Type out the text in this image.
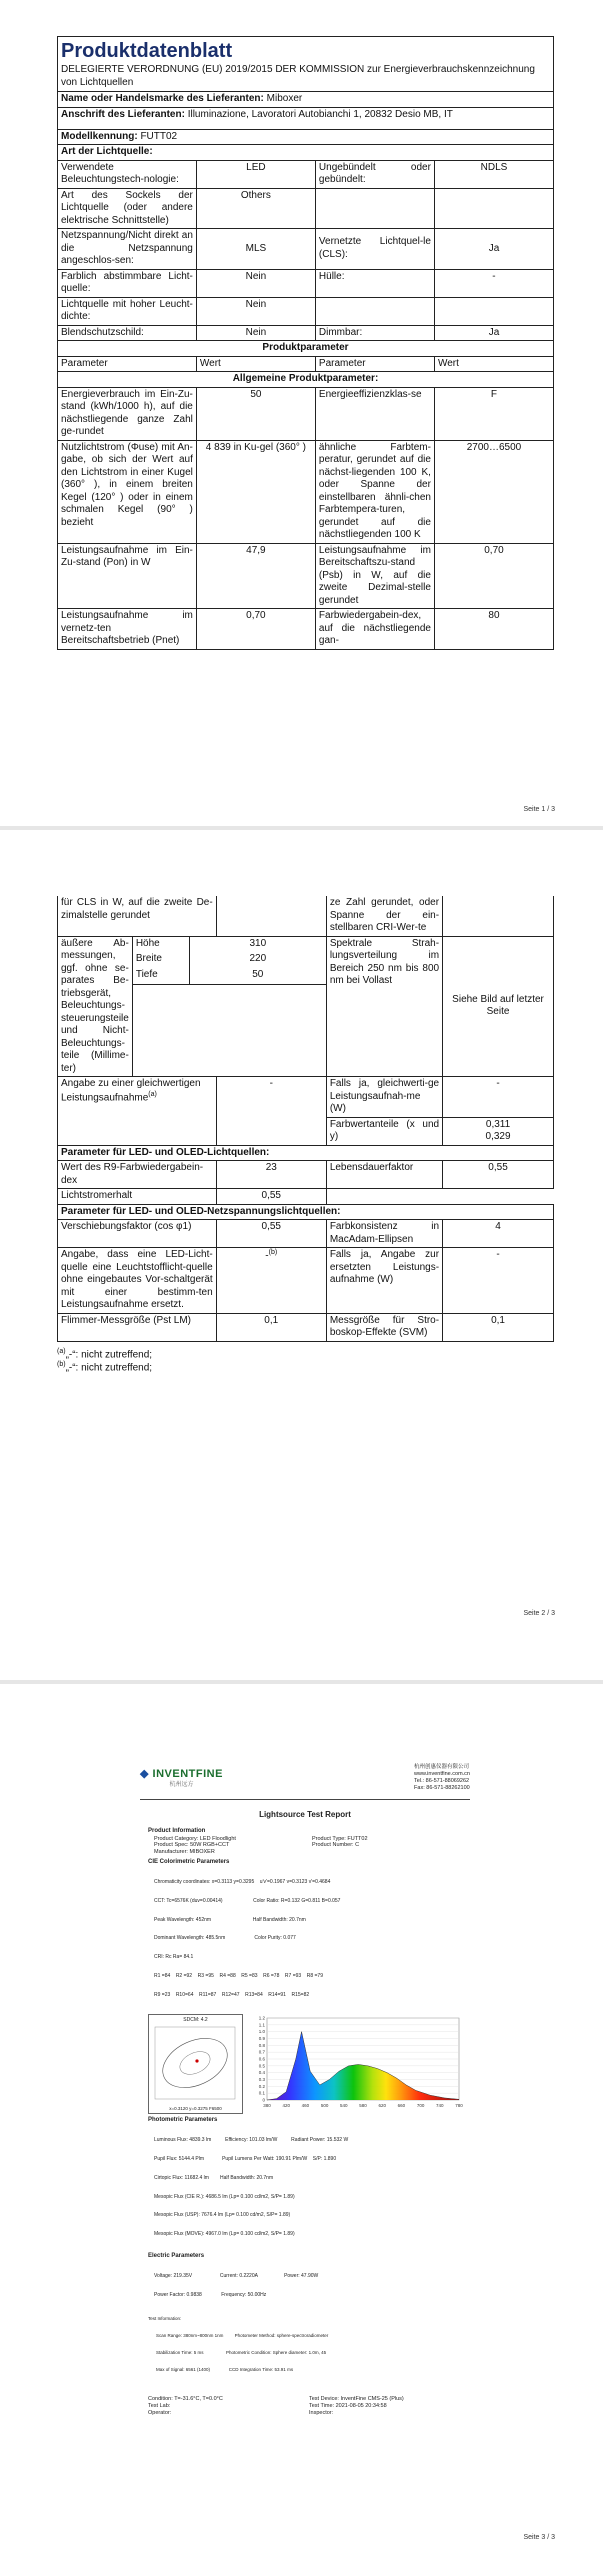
Produktdatenblatt
DELEGIERTE VERORDNUNG (EU) 2019/2015 DER KOMMISSION zur Energieverbrauchskennzeichnung von Lichtquellen
Name oder Handelsmarke des Lieferanten: Miboxer			
Anschrift des Lieferanten: Illuminazione, Lavoratori Autobianchi 1, 20832 Desio MB, IT			
Modellkennung: FUTT02			
Art der Lichtquelle:			
Verwendete Beleuchtungstech-nologie:	LED	Ungebündelt oder gebündelt:	NDLS
Art des Sockels der Lichtquelle (oder andere elektrische Schnittstelle)	Others		
Netzspannung/Nicht direkt an die Netzspannung angeschlos-sen:	MLS	Vernetzte Lichtquel-le (CLS):	Ja
Farblich abstimmbare Licht-quelle:	Nein	Hülle:	-
Lichtquelle mit hoher Leucht-dichte:	Nein		
Blendschutzschild:	Nein	Dimmbar:	Ja
Produktparameter			
Parameter	Wert	Parameter	Wert
Allgemeine Produktparameter:			
Energieverbrauch im Ein-Zu-stand (kWh/1000 h), auf die nächstliegende ganze Zahl ge-rundet	50	Energieeffizienzklas-se	F
Nutzlichtstrom (Φuse) mit An-gabe, ob sich der Wert auf den Lichtstrom in einer Kugel (360° ), in einem breiten Kegel (120° ) oder in einem schmalen Kegel (90° ) bezieht	4 839 in Ku-gel (360° )	ähnliche Farbtem-peratur, gerundet auf die nächst-liegenden 100 K, oder Spanne der einstellbaren ähnli-chen Farbtempera-turen, gerundet auf die nächstliegenden 100 K	2700…6500
Leistungsaufnahme im Ein-Zu-stand (Pon) in W	47,9	Leistungsaufnahme im Bereitschaftszu-stand (Psb) in W, auf die zweite Dezimal-stelle gerundet	0,70
Leistungsaufnahme im vernetz-ten Bereitschaftsbetrieb (Pnet)	0,70	Farbwiedergabein-dex, auf die nächstliegende gan-	80
Seite 1 / 3
für CLS in W, auf die zweite De-zimalstelle gerundet				ze Zahl gerundet, oder Spanne der ein-stellbaren CRI-Wer-te	
äußere Ab-messungen, ggf. ohne se-parates Be-triebsgerät, Beleuchtungs-steuerungsteile und Nicht-Beleuchtungs-teile (Millime-ter)	Höhe	310		Spektrale Strah-lungsverteilung im Bereich 250 nm bis 800 nm bei Vollast	Siehe Bild auf letzter Seite
	Breite	220			
	Tiefe	50			

Angabe zu einer gleichwertigen Leistungsaufnahme$^{(a)}$			-	Falls ja, gleichwerti-ge Leistungsaufnah-me (W)	-
				Farbwertanteile (x und y)	0,311
0,329

Parameter für LED- und OLED-Lichtquellen:					
Wert des R9-Farbwiedergabein-dex			23	Lebensdauerfaktor	0,55
Lichtstromerhalt			0,55		
Parameter für LED- und OLED-Netzspannungslichtquellen:					
Verschiebungsfaktor (cos φ1)			0,55	Farbkonsistenz in MacAdam-Ellipsen	4
Angabe, dass eine LED-Licht-quelle eine Leuchtstofflicht-quelle ohne eingebautes Vor-schaltgerät mit einer bestimm-ten Leistungsaufnahme ersetzt.			-$^{(b)}$	Falls ja, Angabe zur ersetzten Leistungs-aufnahme (W)	-
Flimmer-Messgröße (Pst LM)			0,1	Messgröße für Stro-boskop-Effekte (SVM)	0,1
$^{(a)}$„-“: nicht zutreffend;
$^{(b)}$„-“: nicht zutreffend;
Seite 2 / 3
◆ INVENTFINE
杭州远方
杭州创惠仪器有限公司
www.inventfine.com.cn
Tel.: 86-571-88069262
Fax: 86-571-88262100
Lightsource Test Report
Product Information
Product Category: LED Floodlight	Product Type: FUTT02
Product Spec: 50W RGB+CCT	Product Number: C
Manufacturer: MIBOXER
CIE Colorimetric Parameters

Chromaticity coordinates: x=0.3113 y=0.3295    u'v'=0.1967 v=0.3123 v'=0.4684

CCT: Tc=6576K (duv=0.00414)                      Color Ratio: R=0.132 G=0.811 B=0.057

Peak Wavelength: 452nm                              Half Bandwidth: 20.7nm

Dominant Wavelength: 485.5nm                     Color Purity: 0.077

CRI: Rc Ra= 84.1

R1 =84    R2 =92    R3 =95    R4 =88    R5 =83    R6 =78    R7 =93    R8 =79

R9 =23    R10=64    R11=87    R12=47    R13=84    R14=91    R15=82

SDCM: 4.2
x=0.3120 y=0.3275 F6500
0
0.1
0.2
0.3
0.4
0.5
0.6
0.7
0.8
0.9
1.0
1.1
1.2
380	420	460	500	540	580	620	660	700	740	780
Photometric Parameters

Luminous Flux: 4839.3 lm          Efficiency: 101.03 lm/W          Radiant Power: 15.532 W

Pupil Flux: 5144.4 Plm             Pupil Lumens Per Watt: 190.91 Plm/W    S/P: 1.890

Cirtopic Flux: 11682.4 lm        Half Bandwidth: 20.7nm

Mesopic Flux (CIE R.): 4686.5 lm (Lp= 0.100 cd/m2, S/P= 1.89)

Mesopic Flux (USP): 7676.4 lm (Lp= 0.100 cd/m2, S/P= 1.89)

Mesopic Flux (MOVE): 4967.0 lm (Lp= 0.100 cd/m2, S/P= 1.89)

Electric Parameters

Voltage: 219.35V                    Current: 0.2220A                   Power: 47.90W

Power Factor: 0.9838              Frequency: 50.00Hz

Test Information:

Scan Range: 380nm~800nm 1nm         Photometer Method: sphere-spectroradiometer

Stabilization Time: 5 ms                  Photometric Condition: Sphere diameter: 1.0m, 45

Max of Signal: 6561 (1400)               CCD Integration Time: 53.91 ms

Condition: T=-31.6°C, T=0.0°C	Test Device: InventFine CMS-25 (Plus)
Test Lab:	Test Time: 2021-08-05 20:34:58
Operator:	Inspector:
Seite 3 / 3
